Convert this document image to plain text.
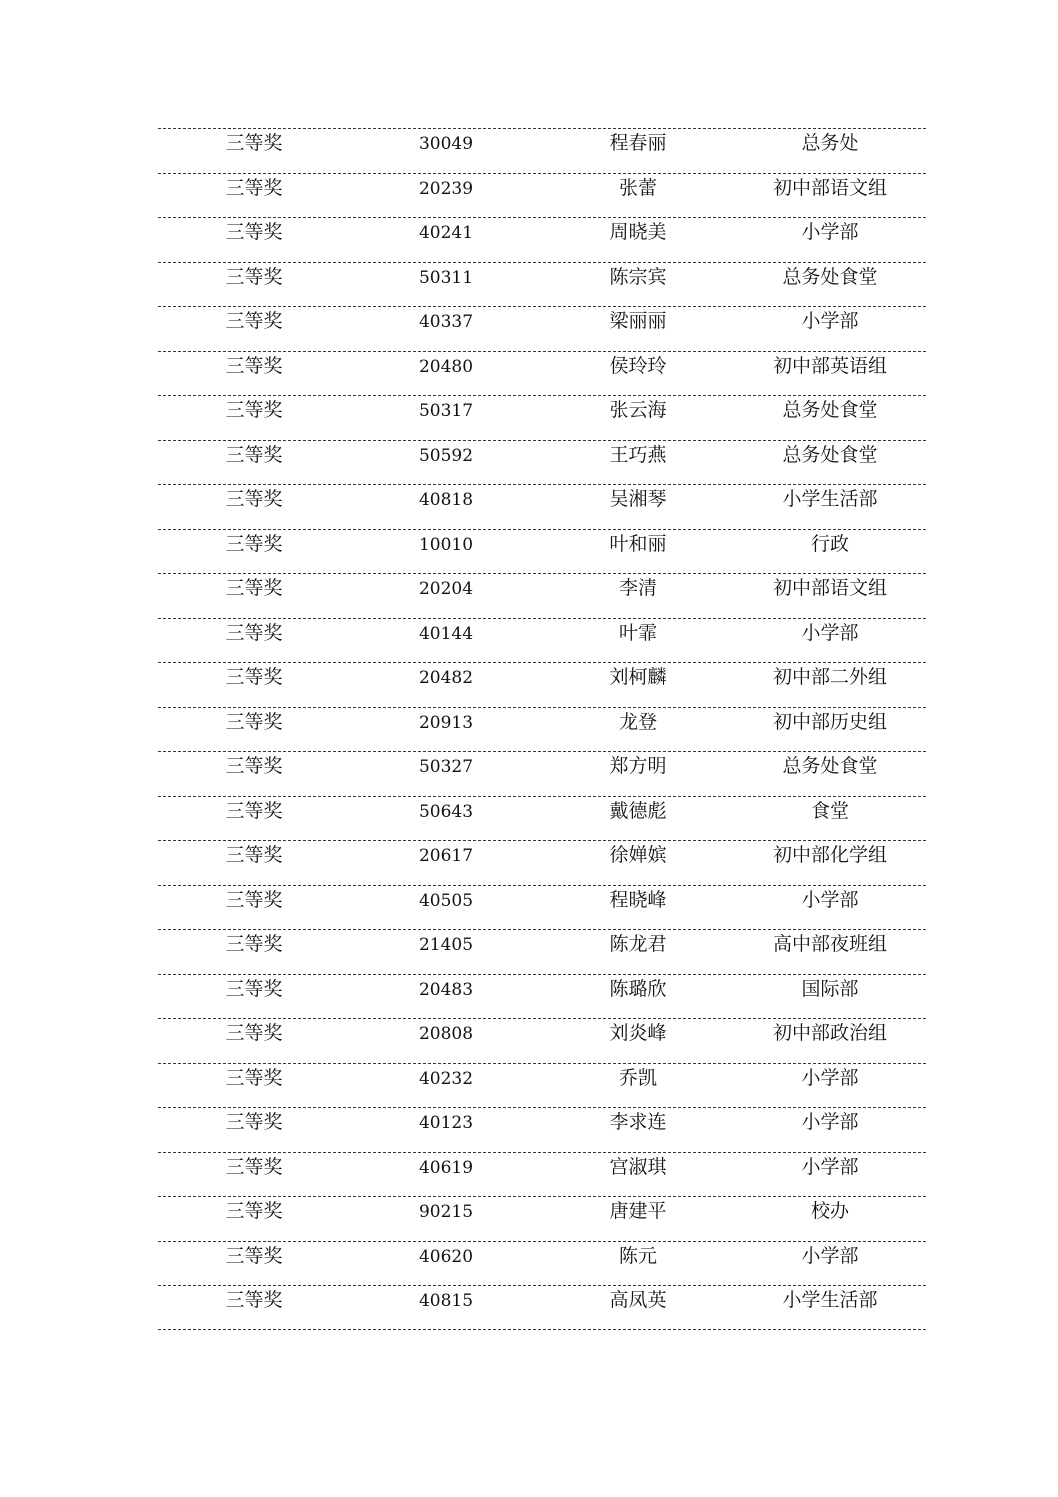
三等奖	30049	程春丽	总务处
三等奖	20239	张蕾	初中部语文组
三等奖	40241	周晓美	小学部
三等奖	50311	陈宗宾	总务处食堂
三等奖	40337	梁丽丽	小学部
三等奖	20480	侯玲玲	初中部英语组
三等奖	50317	张云海	总务处食堂
三等奖	50592	王巧燕	总务处食堂
三等奖	40818	吴湘琴	小学生活部
三等奖	10010	叶和丽	行政
三等奖	20204	李清	初中部语文组
三等奖	40144	叶霏	小学部
三等奖	20482	刘柯麟	初中部二外组
三等奖	20913	龙登	初中部历史组
三等奖	50327	郑方明	总务处食堂
三等奖	50643	戴德彪	食堂
三等奖	20617	徐婵嫔	初中部化学组
三等奖	40505	程晓峰	小学部
三等奖	21405	陈龙君	高中部夜班组
三等奖	20483	陈璐欣	国际部
三等奖	20808	刘炎峰	初中部政治组
三等奖	40232	乔凯	小学部
三等奖	40123	李求连	小学部
三等奖	40619	宫淑琪	小学部
三等奖	90215	唐建平	校办
三等奖	40620	陈元	小学部
三等奖	40815	高凤英	小学生活部
